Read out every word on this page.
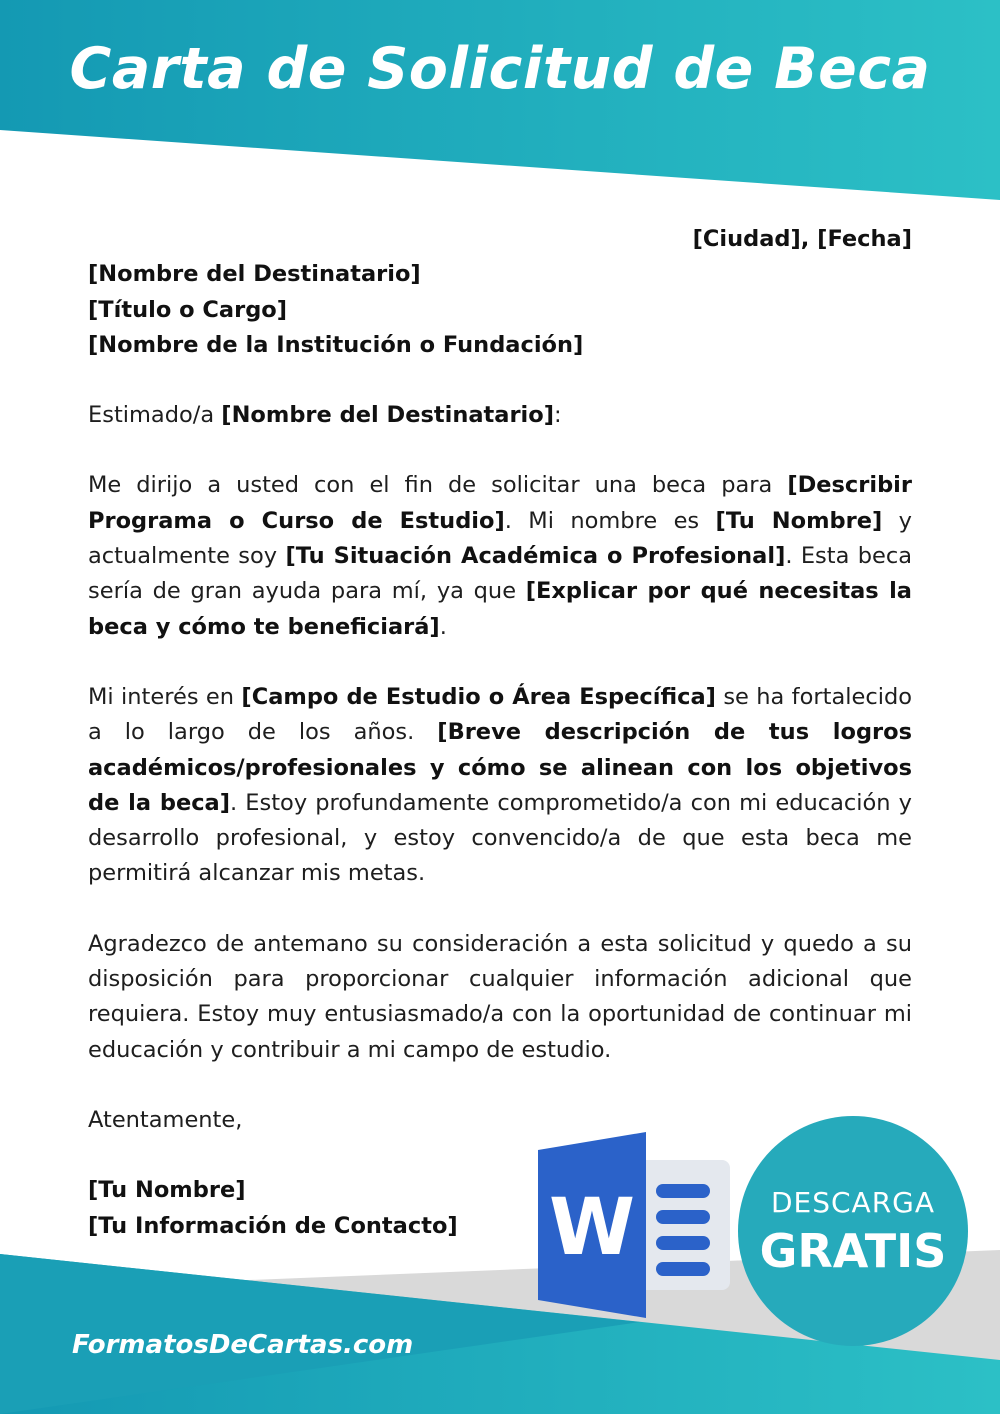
Carta de Solicitud de Beca

[Ciudad], [Fecha]

[Nombre del Destinatario]

[Título o Cargo]

[Nombre de la Institución o Fundación]

Estimado/a [Nombre del Destinatario]:

Me dirijo a usted con el fin de solicitar una beca para [Describir Programa o Curso de Estudio]. Mi nombre es [Tu Nombre] y actualmente soy [Tu Situación Académica o Profesional]. Esta beca sería de gran ayuda para mí, ya que [Explicar por qué necesitas la beca y cómo te beneficiará].

Mi interés en [Campo de Estudio o Área Específica] se ha fortalecido a lo largo de los años. [Breve descripción de tus logros académicos/profesionales y cómo se alinean con los objetivos de la beca]. Estoy profundamente comprometido/a con mi educación y desarrollo profesional, y estoy convencido/a de que esta beca me permitirá alcanzar mis metas.

Agradezco de antemano su consideración a esta solicitud y quedo a su disposición para proporcionar cualquier información adicional que requiera. Estoy muy entusiasmado/a con la oportunidad de continuar mi educación y contribuir a mi campo de estudio.

Atentamente,

[Tu Nombre]

[Tu Información de Contacto]	W	DESCARGA
GRATIS
FormatosDeCartas.com
